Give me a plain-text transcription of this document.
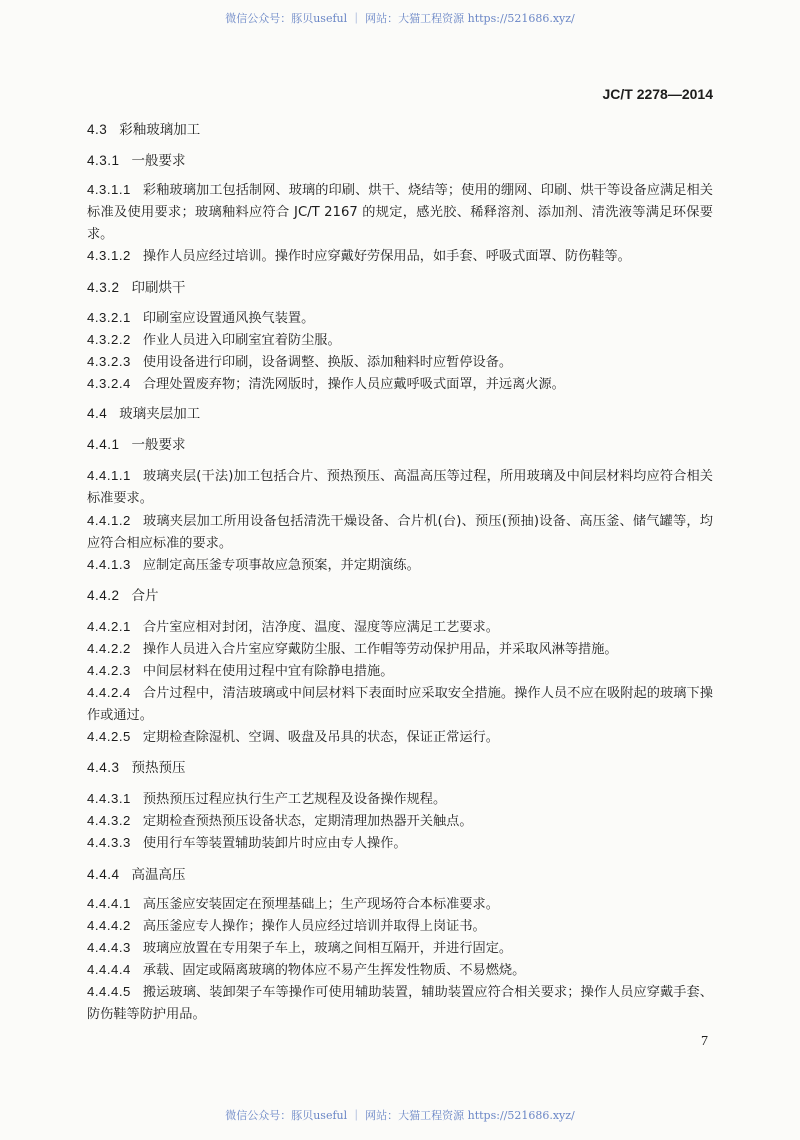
微信公众号：豚贝useful ｜ 网站：大猫工程资源 https://521686.xyz/
JC/T 2278—2014
4.3 彩釉玻璃加工
4.3.1 一般要求
4.3.1.1 彩釉玻璃加工包括制网、玻璃的印刷、烘干、烧结等；使用的绷网、印刷、烘干等设备应满足相关标准及使用要求；玻璃釉料应符合 JC/T 2167 的规定，感光胶、稀释溶剂、添加剂、清洗液等满足环保要求。
4.3.1.2 操作人员应经过培训。操作时应穿戴好劳保用品，如手套、呼吸式面罩、防伤鞋等。
4.3.2 印刷烘干
4.3.2.1 印刷室应设置通风换气装置。
4.3.2.2 作业人员进入印刷室宜着防尘服。
4.3.2.3 使用设备进行印刷，设备调整、换版、添加釉料时应暂停设备。
4.3.2.4 合理处置废弃物；清洗网版时，操作人员应戴呼吸式面罩，并远离火源。
4.4 玻璃夹层加工
4.4.1 一般要求
4.4.1.1 玻璃夹层(干法)加工包括合片、预热预压、高温高压等过程，所用玻璃及中间层材料均应符合相关标准要求。
4.4.1.2 玻璃夹层加工所用设备包括清洗干燥设备、合片机(台)、预压(预抽)设备、高压釜、储气罐等，均应符合相应标准的要求。
4.4.1.3 应制定高压釜专项事故应急预案，并定期演练。
4.4.2 合片
4.4.2.1 合片室应相对封闭，洁净度、温度、湿度等应满足工艺要求。
4.4.2.2 操作人员进入合片室应穿戴防尘服、工作帽等劳动保护用品，并采取风淋等措施。
4.4.2.3 中间层材料在使用过程中宜有除静电措施。
4.4.2.4 合片过程中，清洁玻璃或中间层材料下表面时应采取安全措施。操作人员不应在吸附起的玻璃下操作或通过。
4.4.2.5 定期检查除湿机、空调、吸盘及吊具的状态，保证正常运行。
4.4.3 预热预压
4.4.3.1 预热预压过程应执行生产工艺规程及设备操作规程。
4.4.3.2 定期检查预热预压设备状态，定期清理加热器开关触点。
4.4.3.3 使用行车等装置辅助装卸片时应由专人操作。
4.4.4 高温高压
4.4.4.1 高压釜应安装固定在预埋基础上；生产现场符合本标准要求。
4.4.4.2 高压釜应专人操作；操作人员应经过培训并取得上岗证书。
4.4.4.3 玻璃应放置在专用架子车上，玻璃之间相互隔开，并进行固定。
4.4.4.4 承载、固定或隔离玻璃的物体应不易产生挥发性物质、不易燃烧。
4.4.4.5 搬运玻璃、装卸架子车等操作可使用辅助装置，辅助装置应符合相关要求；操作人员应穿戴手套、防伤鞋等防护用品。
7
微信公众号：豚贝useful ｜ 网站：大猫工程资源 https://521686.xyz/
